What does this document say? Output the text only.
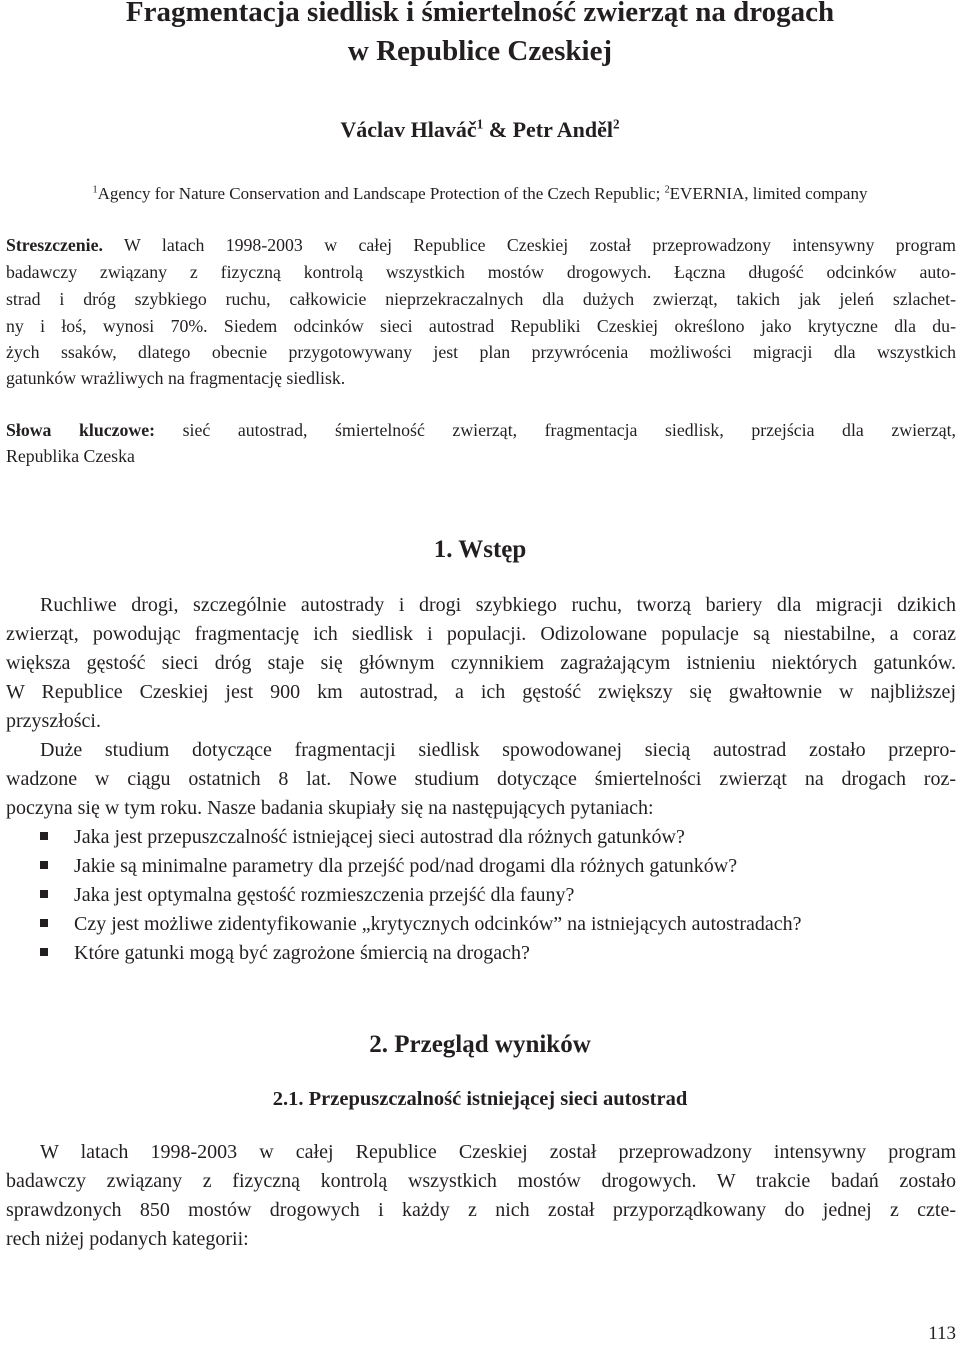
Fragmentacja siedlisk i śmiertelność zwierząt na drogach
w Republice Czeskiej
Václav Hlaváč$^1$ & Petr Anděl$^2$
$^1$Agency for Nature Conservation and Landscape Protection of the Czech Republic; $^2$EVERNIA, limited company
Streszczenie. W latach 1998-2003 w całej Republice Czeskiej został przeprowadzony intensywny program
badawczy związany z fizyczną kontrolą wszystkich mostów drogowych. Łączna długość odcinków auto-
strad i dróg szybkiego ruchu, całkowicie nieprzekraczalnych dla dużych zwierząt, takich jak jeleń szlachet-
ny i łoś, wynosi 70%. Siedem odcinków sieci autostrad Republiki Czeskiej określono jako krytyczne dla du-
żych ssaków, dlatego obecnie przygotowywany jest plan przywrócenia możliwości migracji dla wszystkich
gatunków wrażliwych na fragmentację siedlisk.
Słowa kluczowe: sieć autostrad, śmiertelność zwierząt, fragmentacja siedlisk, przejścia dla zwierząt,
Republika Czeska
1. Wstęp
Ruchliwe drogi, szczególnie autostrady i drogi szybkiego ruchu, tworzą bariery dla migracji dzikich
zwierząt, powodując fragmentację ich siedlisk i populacji. Odizolowane populacje są niestabilne, a coraz
większa gęstość sieci dróg staje się głównym czynnikiem zagrażającym istnieniu niektórych gatunków.
W Republice Czeskiej jest 900 km autostrad, a ich gęstość zwiększy się gwałtownie w najbliższej
przyszłości.
Duże studium dotyczące fragmentacji siedlisk spowodowanej siecią autostrad zostało przepro-
wadzone w ciągu ostatnich 8 lat. Nowe studium dotyczące śmiertelności zwierząt na drogach roz-
poczyna się w tym roku. Nasze badania skupiały się na następujących pytaniach:
Jaka jest przepuszczalność istniejącej sieci autostrad dla różnych gatunków?
Jakie są minimalne parametry dla przejść pod/nad drogami dla różnych gatunków?
Jaka jest optymalna gęstość rozmieszczenia przejść dla fauny?
Czy jest możliwe zidentyfikowanie „krytycznych odcinków” na istniejących autostradach?
Które gatunki mogą być zagrożone śmiercią na drogach?
2. Przegląd wyników
2.1. Przepuszczalność istniejącej sieci autostrad
W latach 1998-2003 w całej Republice Czeskiej został przeprowadzony intensywny program
badawczy związany z fizyczną kontrolą wszystkich mostów drogowych. W trakcie badań zostało
sprawdzonych 850 mostów drogowych i każdy z nich został przyporządkowany do jednej z czte-
rech niżej podanych kategorii:
113
